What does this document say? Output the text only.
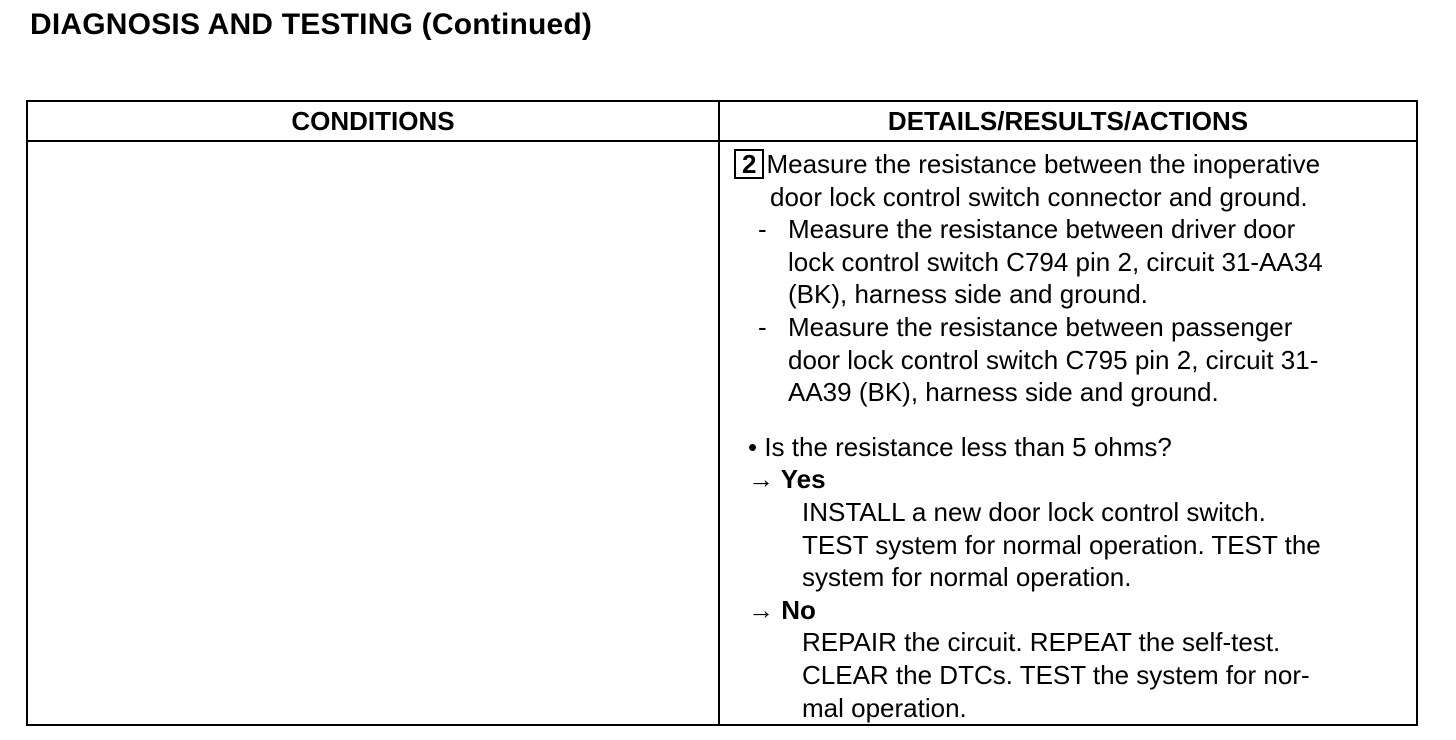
DIAGNOSIS AND TESTING (Continued)
CONDITIONS	DETAILS/RESULTS/ACTIONS
2 Measure the resistance between the inoperative
door lock control switch connector and ground.
- Measure the resistance between driver door
lock control switch C794 pin 2, circuit 31-AA34
(BK), harness side and ground.
- Measure the resistance between passenger
door lock control switch C795 pin 2, circuit 31-
AA39 (BK), harness side and ground.
• Is the resistance less than 5 ohms?
→ Yes
INSTALL a new door lock control switch.
TEST system for normal operation. TEST the
system for normal operation.
→ No
REPAIR the circuit. REPEAT the self-test.
CLEAR the DTCs. TEST the system for nor-
mal operation.
